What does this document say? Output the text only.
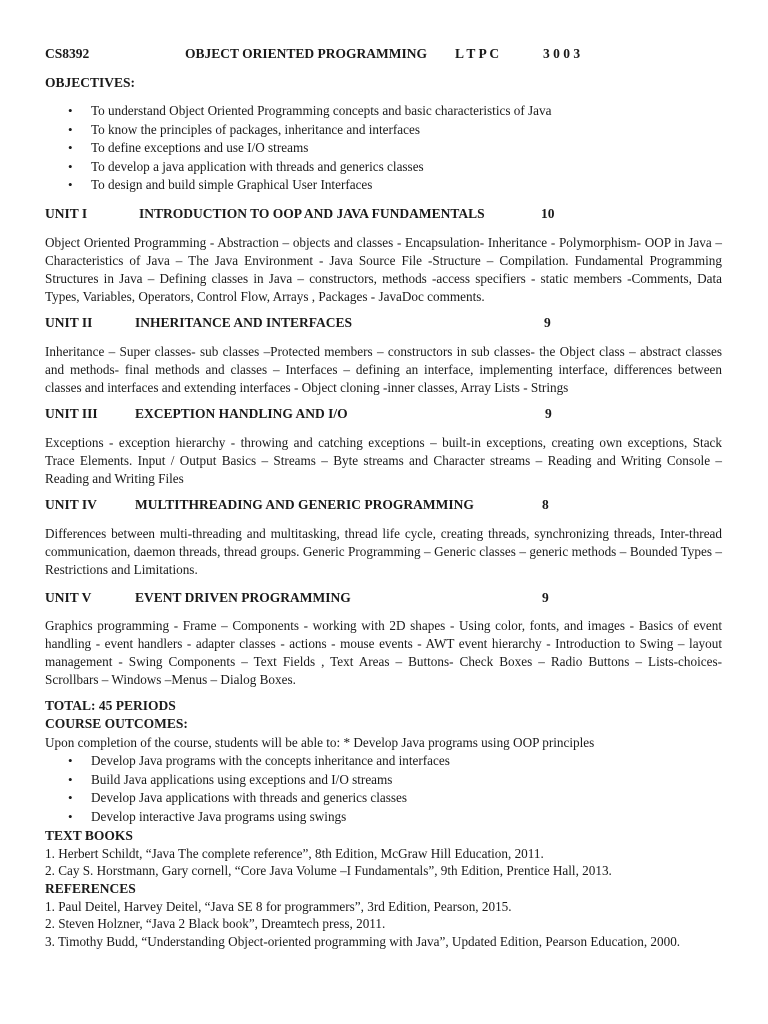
CS8392	OBJECT ORIENTED PROGRAMMING L T P C	3 0 0 3
OBJECTIVES:
• To understand Object Oriented Programming concepts and basic characteristics of Java
• To know the principles of packages, inheritance and interfaces
• To define exceptions and use I/O streams
• To develop a java application with threads and generics classes
• To design and build simple Graphical User Interfaces
UNIT I	INTRODUCTION TO OOP AND JAVA FUNDAMENTALS	10

Object Oriented Programming - Abstraction – objects and classes - Encapsulation- Inheritance - Polymorphism- OOP in Java – Characteristics of Java – The Java Environment - Java Source File -Structure – Compilation. Fundamental Programming Structures in Java – Defining classes in Java – constructors, methods -access specifiers - static members -Comments, Data Types, Variables, Operators, Control Flow, Arrays , Packages - JavaDoc comments.

UNIT II	INHERITANCE AND INTERFACES	9

Inheritance – Super classes- sub classes –Protected members – constructors in sub classes- the Object class – abstract classes and methods- final methods and classes – Interfaces – defining an interface, implementing interface, differences between classes and interfaces and extending interfaces - Object cloning -inner classes, Array Lists - Strings

UNIT III	EXCEPTION HANDLING AND I/O	9

Exceptions - exception hierarchy - throwing and catching exceptions – built-in exceptions, creating own exceptions, Stack Trace Elements. Input / Output Basics – Streams – Byte streams and Character streams – Reading and Writing Console – Reading and Writing Files

UNIT IV	MULTITHREADING AND GENERIC PROGRAMMING	8

Differences between multi-threading and multitasking, thread life cycle, creating threads, synchronizing threads, Inter-thread communication, daemon threads, thread groups. Generic Programming – Generic classes – generic methods – Bounded Types – Restrictions and Limitations.

UNIT V	EVENT DRIVEN PROGRAMMING	9

Graphics programming - Frame – Components - working with 2D shapes - Using color, fonts, and images - Basics of event handling - event handlers - adapter classes - actions - mouse events - AWT event hierarchy - Introduction to Swing – layout management - Swing Components – Text Fields , Text Areas – Buttons- Check Boxes – Radio Buttons – Lists-choices- Scrollbars – Windows –Menus – Dialog Boxes.

TOTAL: 45 PERIODS
COURSE OUTCOMES:
Upon completion of the course, students will be able to: * Develop Java programs using OOP principles
• Develop Java programs with the concepts inheritance and interfaces
• Build Java applications using exceptions and I/O streams
• Develop Java applications with threads and generics classes
• Develop interactive Java programs using swings
TEXT BOOKS
1. Herbert Schildt, “Java The complete reference”, 8th Edition, McGraw Hill Education, 2011.
2. Cay S. Horstmann, Gary cornell, “Core Java Volume –I Fundamentals”, 9th Edition, Prentice Hall, 2013.
REFERENCES
1. Paul Deitel, Harvey Deitel, “Java SE 8 for programmers”, 3rd Edition, Pearson, 2015.
2. Steven Holzner, “Java 2 Black book”, Dreamtech press, 2011.
3. Timothy Budd, “Understanding Object-oriented programming with Java”, Updated Edition, Pearson Education, 2000.
